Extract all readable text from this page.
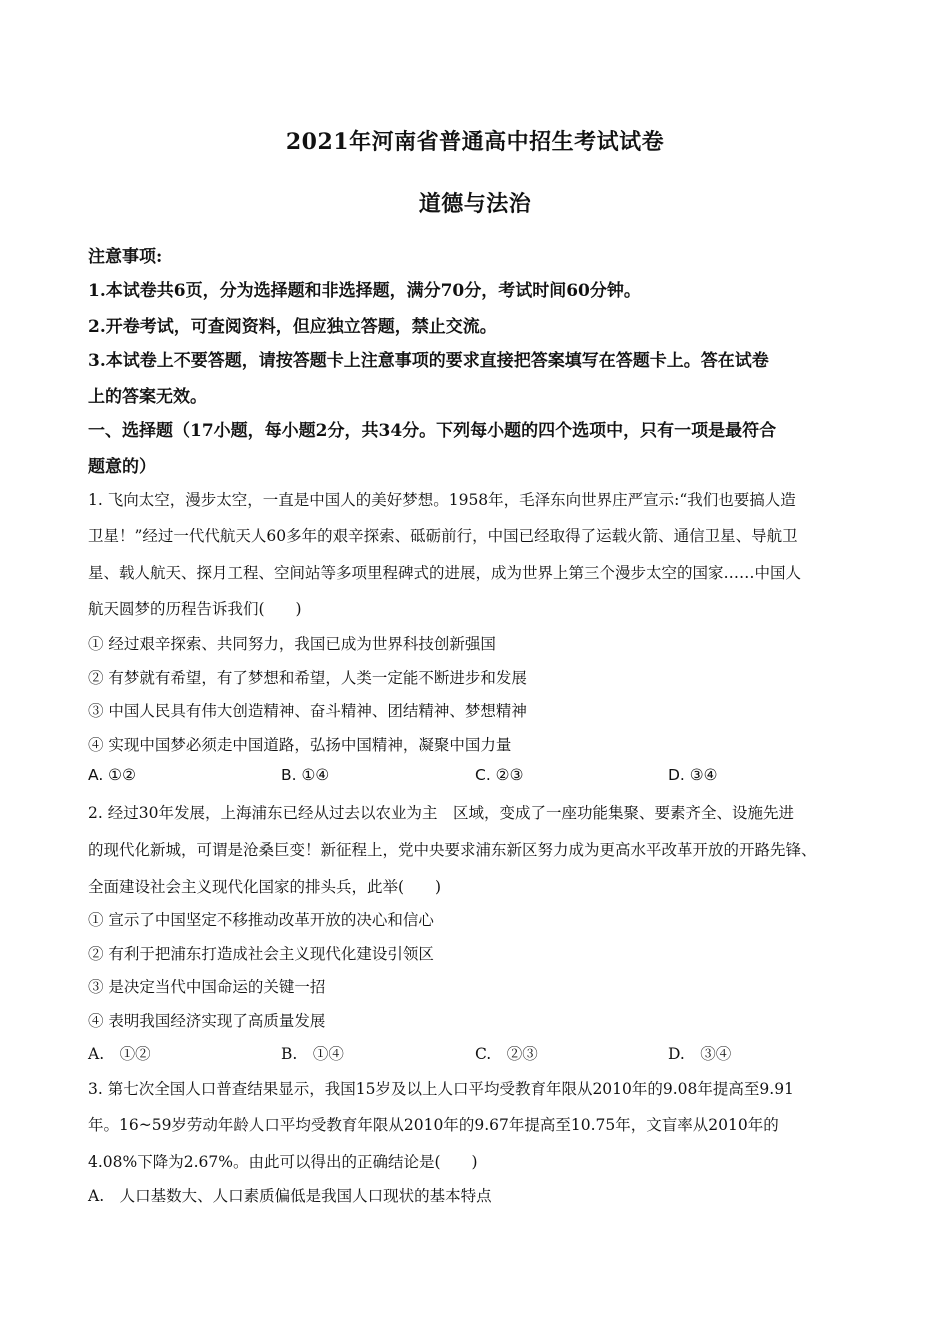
2021年河南省普通高中招生考试试卷
道德与法治
注意事项:
1.本试卷共6页，分为选择题和非选择题，满分70分，考试时间60分钟。
2.开卷考试，可查阅资料，但应独立答题，禁止交流。
3.本试卷上不要答题，请按答题卡上注意事项的要求直接把答案填写在答题卡上。答在试卷
上的答案无效。
一、选择题（17小题，每小题2分，共34分。下列每小题的四个选项中，只有一项是最符合
题意的）
1. 飞向太空，漫步太空，一直是中国人的美好梦想。1958年，毛泽东向世界庄严宣示:“我们也要搞人造
卫星！”经过一代代航天人60多年的艰辛探索、砥砺前行，中国已经取得了运载火箭、通信卫星、导航卫
星、载人航天、探月工程、空间站等多项里程碑式的进展，成为世界上第三个漫步太空的国家……中国人
航天圆梦的历程告诉我们(　　)
① 经过艰辛探索、共同努力，我国已成为世界科技创新强国
② 有梦就有希望，有了梦想和希望，人类一定能不断进步和发展
③ 中国人民具有伟大创造精神、奋斗精神、团结精神、梦想精神
④ 实现中国梦必须走中国道路，弘扬中国精神，凝聚中国力量
A. ①②	B. ①④	C. ②③	D. ③④
2. 经过30年发展，上海浦东已经从过去以农业为主　区域，变成了一座功能集聚、要素齐全、设施先进
的现代化新城，可谓是沧桑巨变！新征程上，党中央要求浦东新区努力成为更高水平改革开放的开路先锋、
全面建设社会主义现代化国家的排头兵，此举(　　)
① 宣示了中国坚定不移推动改革开放的决心和信心
② 有利于把浦东打造成社会主义现代化建设引领区
③ 是决定当代中国命运的关键一招
④ 表明我国经济实现了高质量发展
A.　①②	B.　①④	C.　②③	D.　③④
3. 第七次全国人口普查结果显示，我国15岁及以上人口平均受教育年限从2010年的9.08年提高至9.91
年。16~59岁劳动年龄人口平均受教育年限从2010年的9.67年提高至10.75年，文盲率从2010年的
4.08%下降为2.67%。由此可以得出的正确结论是(　　)
A.　人口基数大、人口素质偏低是我国人口现状的基本特点
